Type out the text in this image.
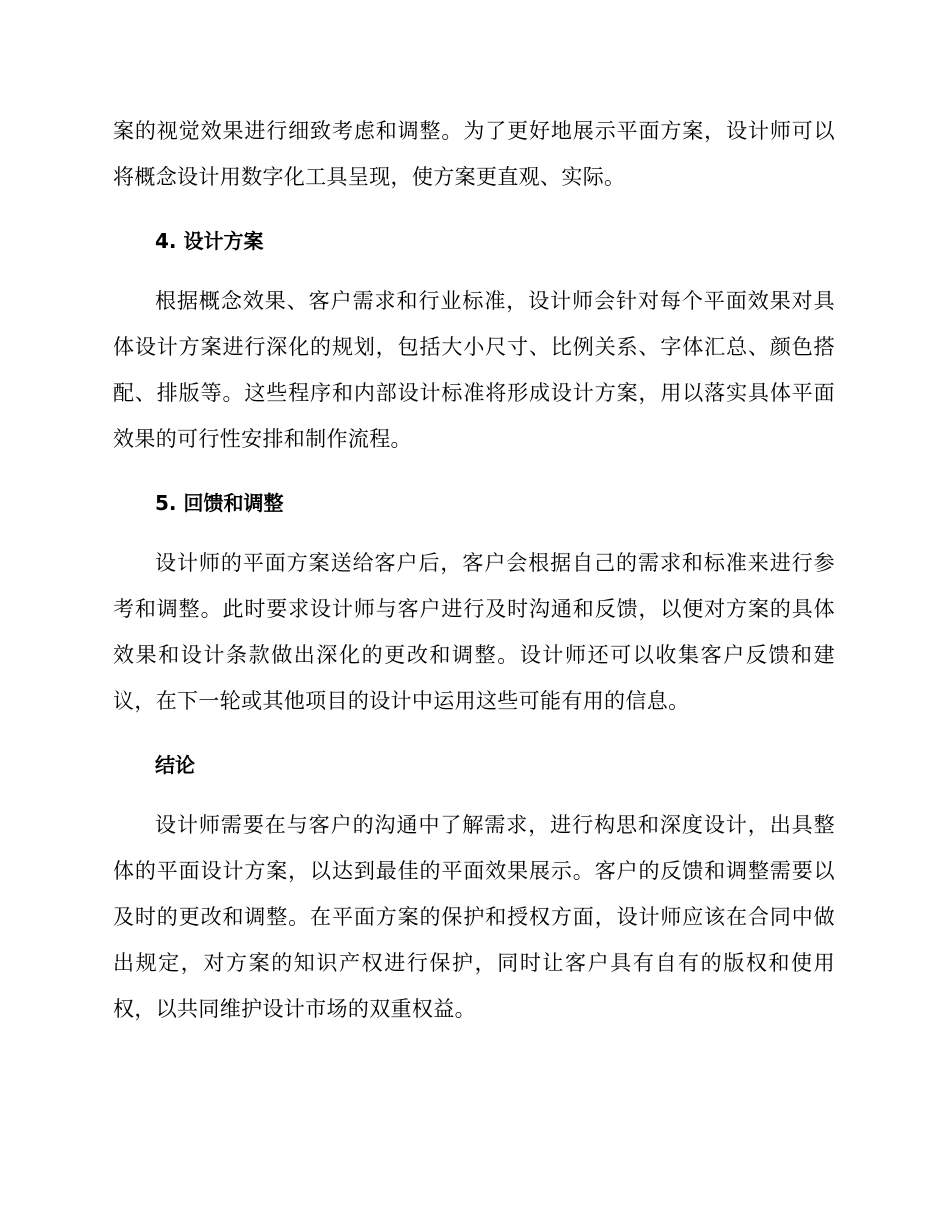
案的视觉效果进行细致考虑和调整。为了更好地展示平面方案，设计师可以将概念设计用数字化工具呈现，使方案更直观、实际。

4. 设计方案

根据概念效果、客户需求和行业标准，设计师会针对每个平面效果对具体设计方案进行深化的规划，包括大小尺寸、比例关系、字体汇总、颜色搭配、排版等。这些程序和内部设计标准将形成设计方案，用以落实具体平面效果的可行性安排和制作流程。

5. 回馈和调整

设计师的平面方案送给客户后，客户会根据自己的需求和标准来进行参考和调整。此时要求设计师与客户进行及时沟通和反馈，以便对方案的具体效果和设计条款做出深化的更改和调整。设计师还可以收集客户反馈和建议，在下一轮或其他项目的设计中运用这些可能有用的信息。

结论

设计师需要在与客户的沟通中了解需求，进行构思和深度设计，出具整体的平面设计方案，以达到最佳的平面效果展示。客户的反馈和调整需要以及时的更改和调整。在平面方案的保护和授权方面，设计师应该在合同中做出规定，对方案的知识产权进行保护，同时让客户具有自有的版权和使用权，以共同维护设计市场的双重权益。
